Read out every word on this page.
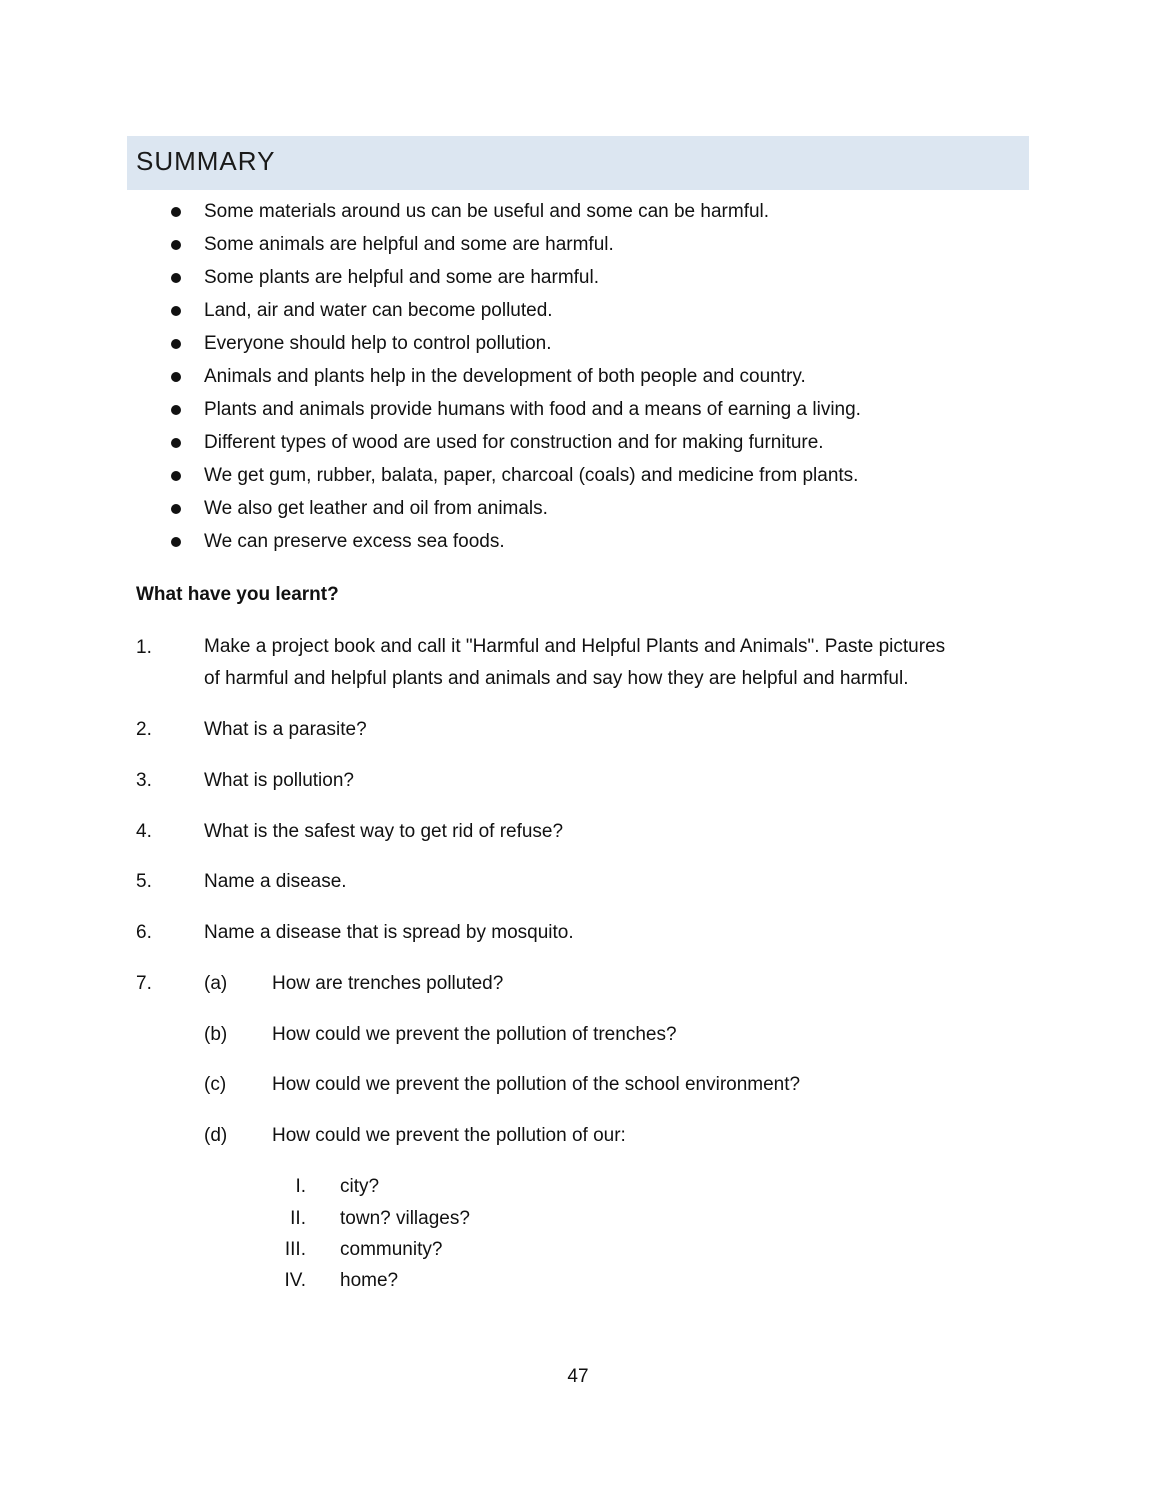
SUMMARY
Some materials around us can be useful and some can be harmful.
Some animals are helpful and some are harmful.
Some plants are helpful and some are harmful.
Land, air and water can become polluted.
Everyone should help to control pollution.
Animals and plants help in the development of both people and country.
Plants and animals provide humans with food and a means of earning a living.
Different types of wood are used for construction and for making furniture.
We get gum, rubber, balata, paper, charcoal (coals) and medicine from plants.
We also get leather and oil from animals.
We can preserve excess sea foods.
What have you learnt?
1.	Make a project book and call it "Harmful and Helpful Plants and Animals". Paste pictures
of harmful and helpful plants and animals and say how they are helpful and harmful.
2.	What is a parasite?
3.	What is pollution?
4.	What is the safest way to get rid of refuse?
5.	Name a disease.
6.	Name a disease that is spread by mosquito.
7.	(a) How are trenches polluted?
(b) How could we prevent the pollution of trenches?
(c) How could we prevent the pollution of the school environment?
(d) How could we prevent the pollution of our:
I. city?
II. town? villages?
III. community?
IV. home?
47
